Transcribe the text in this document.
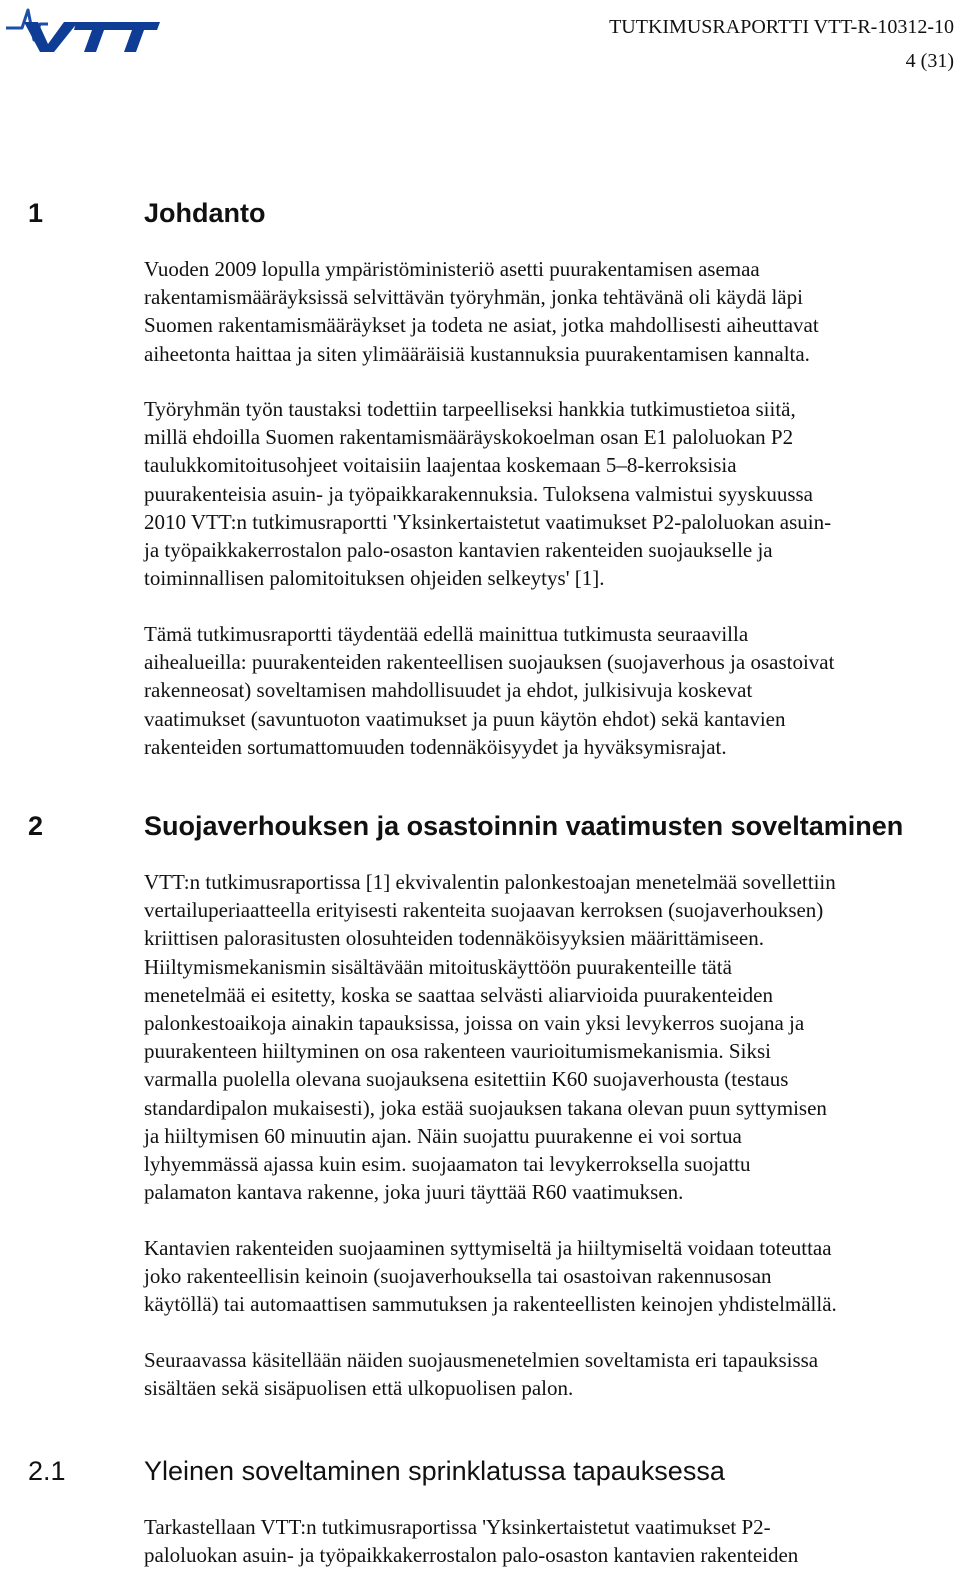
TUTKIMUSRAPORTTI VTT-R-10312-10
4 (31)
1	Johdanto
Vuoden 2009 lopulla ympäristöministeriö asetti puurakentamisen asemaa
rakentamismääräyksissä selvittävän työryhmän, jonka tehtävänä oli käydä läpi
Suomen rakentamismääräykset ja todeta ne asiat, jotka mahdollisesti aiheuttavat
aiheetonta haittaa ja siten ylimääräisiä kustannuksia puurakentamisen kannalta.
Työryhmän työn taustaksi todettiin tarpeelliseksi hankkia tutkimustietoa siitä,
millä ehdoilla Suomen rakentamismääräyskokoelman osan E1 paloluokan P2
taulukkomitoitusohjeet voitaisiin laajentaa koskemaan 5–8-kerroksisia
puurakenteisia asuin- ja työpaikkarakennuksia. Tuloksena valmistui syyskuussa
2010 VTT:n tutkimusraportti 'Yksinkertaistetut vaatimukset P2-paloluokan asuin-
ja työpaikkakerrostalon palo-osaston kantavien rakenteiden suojaukselle ja
toiminnallisen palomitoituksen ohjeiden selkeytys' [1].
Tämä tutkimusraportti täydentää edellä mainittua tutkimusta seuraavilla
aihealueilla: puurakenteiden rakenteellisen suojauksen (suojaverhous ja osastoivat
rakenneosat) soveltamisen mahdollisuudet ja ehdot, julkisivuja koskevat
vaatimukset (savuntuoton vaatimukset ja puun käytön ehdot) sekä kantavien
rakenteiden sortumattomuuden todennäköisyydet ja hyväksymisrajat.
2	Suojaverhouksen ja osastoinnin vaatimusten soveltaminen
VTT:n tutkimusraportissa [1] ekvivalentin palonkestoajan menetelmää sovellettiin
vertailuperiaatteella erityisesti rakenteita suojaavan kerroksen (suojaverhouksen)
kriittisen palorasitusten olosuhteiden todennäköisyyksien määrittämiseen.
Hiiltymismekanismin sisältävään mitoituskäyttöön puurakenteille tätä
menetelmää ei esitetty, koska se saattaa selvästi aliarvioida puurakenteiden
palonkestoaikoja ainakin tapauksissa, joissa on vain yksi levykerros suojana ja
puurakenteen hiiltyminen on osa rakenteen vaurioitumismekanismia. Siksi
varmalla puolella olevana suojauksena esitettiin K60 suojaverhousta (testaus
standardipalon mukaisesti), joka estää suojauksen takana olevan puun syttymisen
ja hiiltymisen 60 minuutin ajan. Näin suojattu puurakenne ei voi sortua
lyhyemmässä ajassa kuin esim. suojaamaton tai levykerroksella suojattu
palamaton kantava rakenne, joka juuri täyttää R60 vaatimuksen.
Kantavien rakenteiden suojaaminen syttymiseltä ja hiiltymiseltä voidaan toteuttaa
joko rakenteellisin keinoin (suojaverhouksella tai osastoivan rakennusosan
käytöllä) tai automaattisen sammutuksen ja rakenteellisten keinojen yhdistelmällä.
Seuraavassa käsitellään näiden suojausmenetelmien soveltamista eri tapauksissa
sisältäen sekä sisäpuolisen että ulkopuolisen palon.
2.1	Yleinen soveltaminen sprinklatussa tapauksessa
Tarkastellaan VTT:n tutkimusraportissa 'Yksinkertaistetut vaatimukset P2-
paloluokan asuin- ja työpaikkakerrostalon palo-osaston kantavien rakenteiden
